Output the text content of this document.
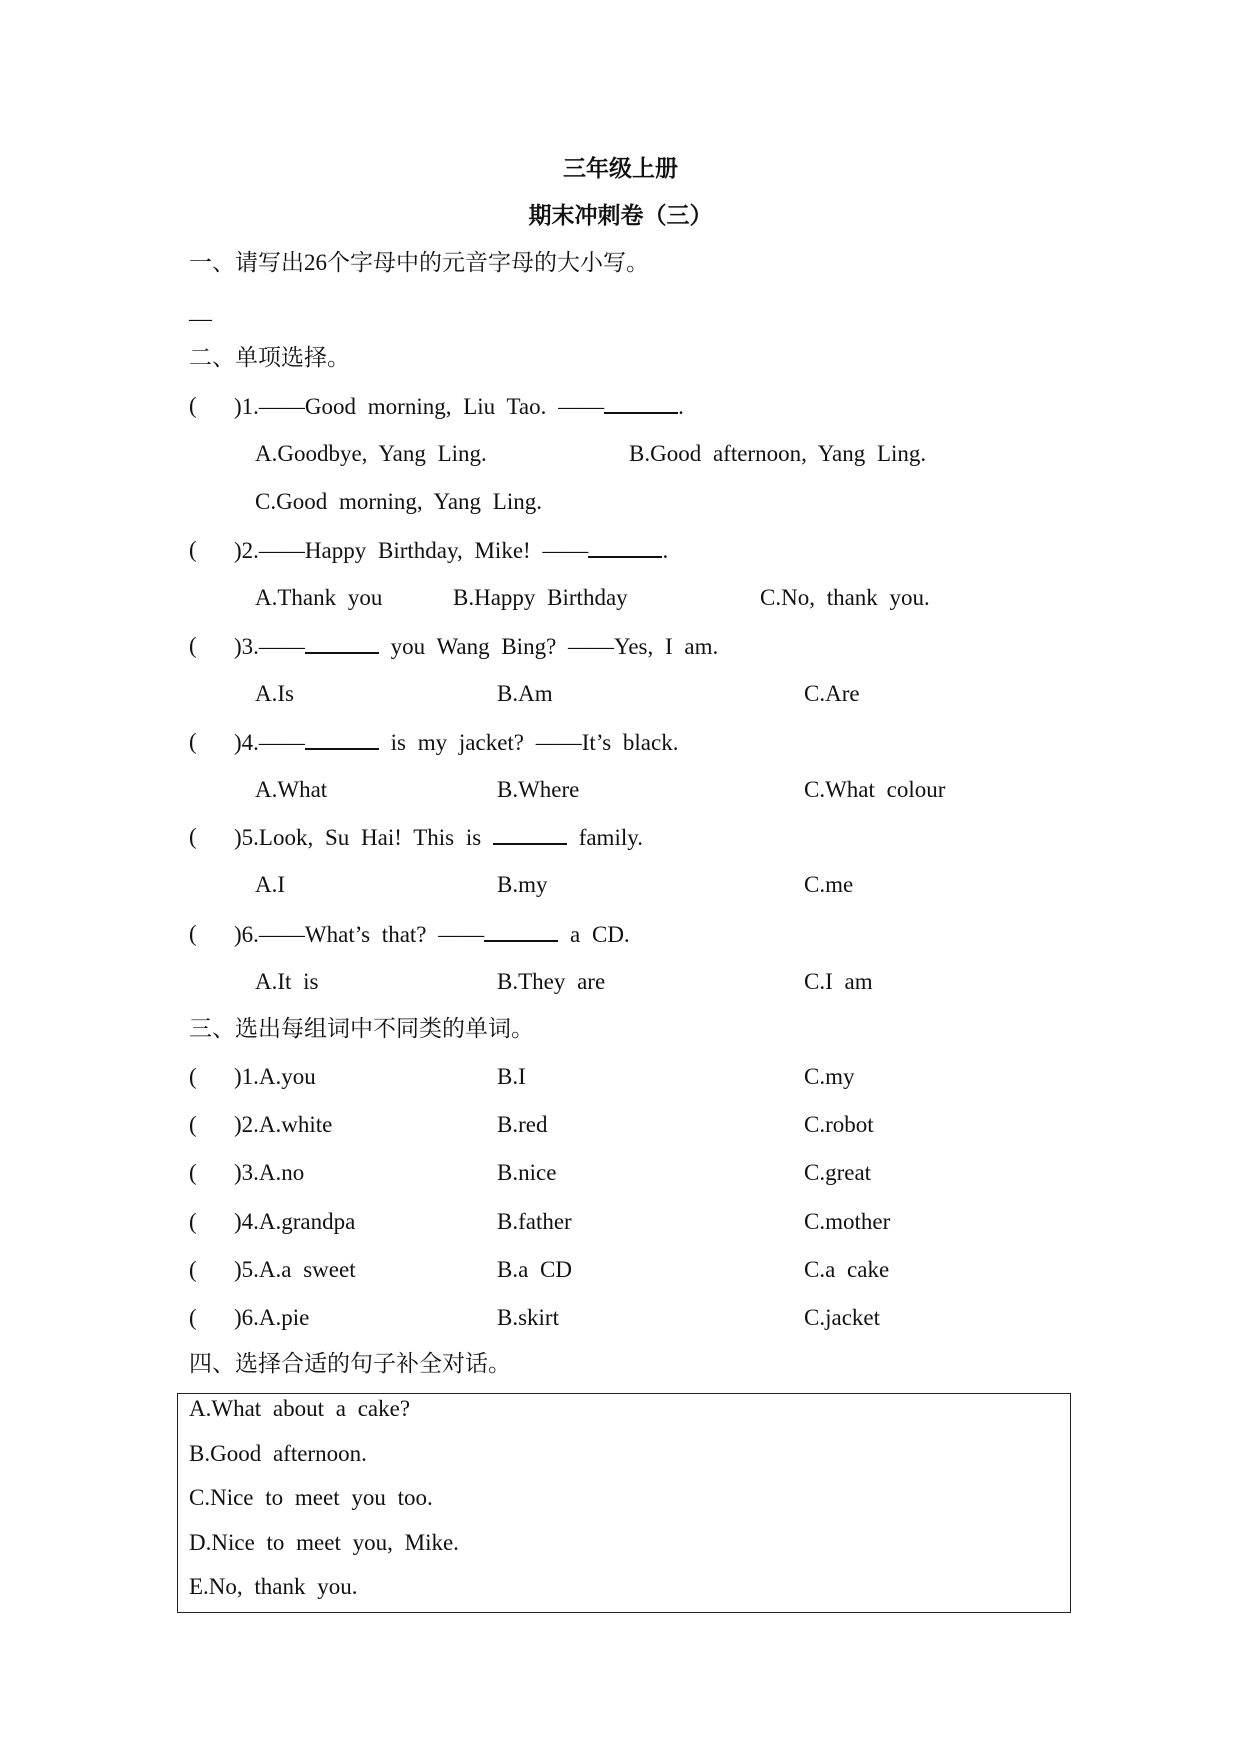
三年级上册
期末冲刺卷（三）
一、请写出26个字母中的元音字母的大小写。
—
二、单项选择。
( )1.——Good morning, Liu Tao. ——	.
A.Goodbye, Yang Ling.	B.Good afternoon, Yang Ling.
C.Good morning, Yang Ling.
( )2.——Happy Birthday, Mike! ——	.
A.Thank you	B.Happy Birthday	C.No, thank you.
( )3.——	you Wang Bing? ——Yes, I am.
A.Is	B.Am	C.Are
( )4.——	is my jacket? ——It’s black.
A.What	B.Where	C.What colour
( )5.Look, Su Hai! This is	family.
A.I	B.my	C.me
( )6.——What’s that? ——	a CD.
A.It is	B.They are	C.I am
三、选出每组词中不同类的单词。
( )1.A.you	B.I	C.my
( )2.A.white	B.red	C.robot
( )3.A.no	B.nice	C.great
( )4.A.grandpa	B.father	C.mother
( )5.A.a sweet	B.a CD	C.a cake
( )6.A.pie	B.skirt	C.jacket
四、选择合适的句子补全对话。
A.What about a cake?
B.Good afternoon.
C.Nice to meet you too.
D.Nice to meet you, Mike.
E.No, thank you.
